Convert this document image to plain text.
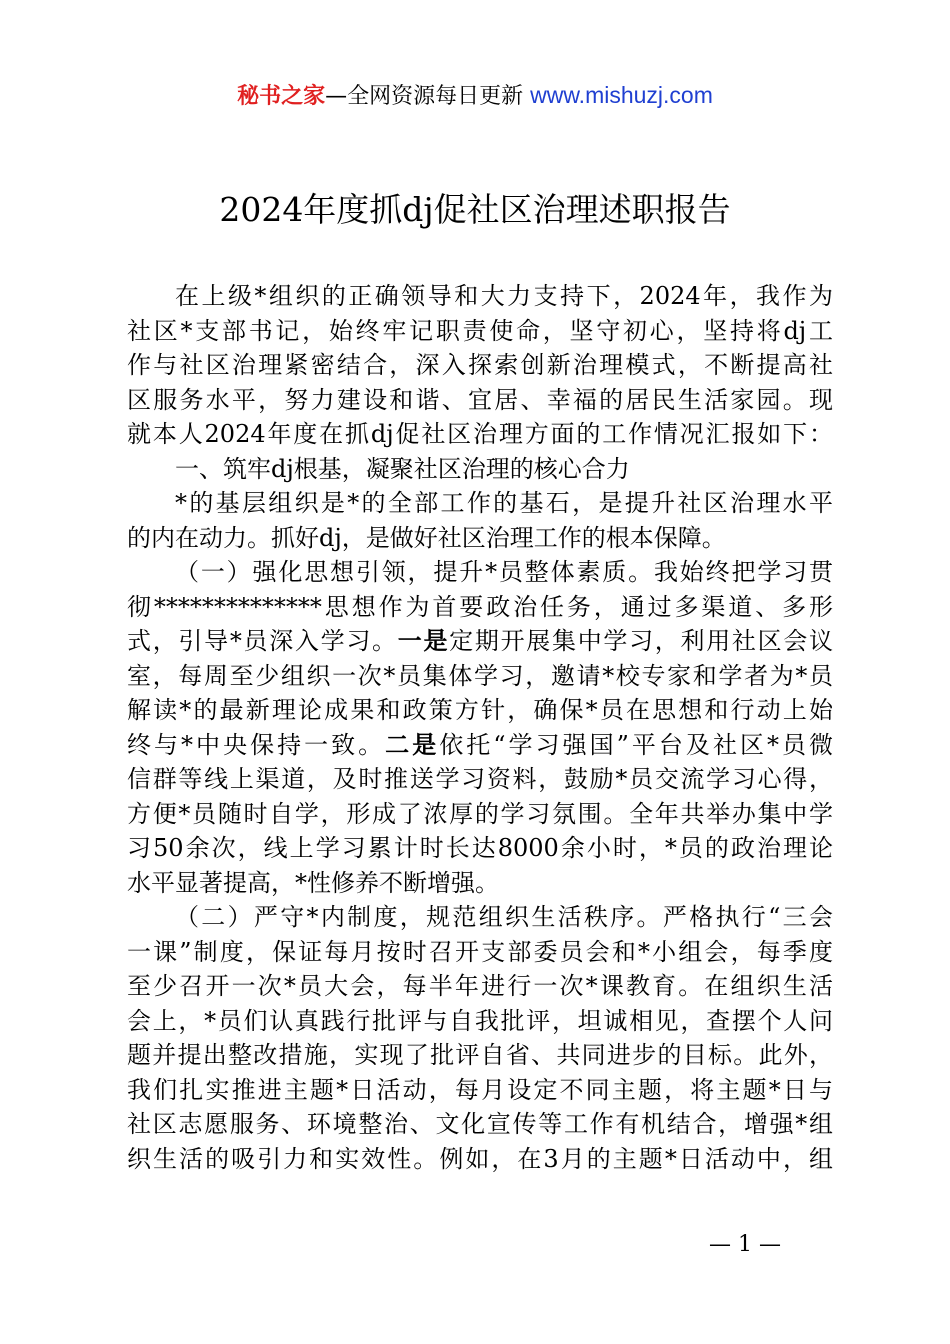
秘书之家—全网资源每日更新 www.mishuzj.com
2024年度抓dj促社区治理述职报告
在上级*组织的正确领导和大力支持下，2024年，我作为
社区*支部书记，始终牢记职责使命，坚守初心，坚持将dj工
作与社区治理紧密结合，深入探索创新治理模式，不断提高社
区服务水平，努力建设和谐、宜居、幸福的居民生活家园。现
就本人2024年度在抓dj促社区治理方面的工作情况汇报如下：
一、筑牢dj根基，凝聚社区治理的核心合力
*的基层组织是*的全部工作的基石，是提升社区治理水平
的内在动力。抓好dj，是做好社区治理工作的根本保障。
（一）强化思想引领，提升*员整体素质。我始终把学习贯
彻**************思想作为首要政治任务，通过多渠道、多形
式，引导*员深入学习。一是定期开展集中学习，利用社区会议
室，每周至少组织一次*员集体学习，邀请*校专家和学者为*员
解读*的最新理论成果和政策方针，确保*员在思想和行动上始
终与*中央保持一致。二是依托“学习强国”平台及社区*员微
信群等线上渠道，及时推送学习资料，鼓励*员交流学习心得，
方便*员随时自学，形成了浓厚的学习氛围。全年共举办集中学
习50余次，线上学习累计时长达8000余小时，*员的政治理论
水平显著提高，*性修养不断增强。
（二）严守*内制度，规范组织生活秩序。严格执行“三会
一课”制度，保证每月按时召开支部委员会和*小组会，每季度
至少召开一次*员大会，每半年进行一次*课教育。在组织生活
会上，*员们认真践行批评与自我批评，坦诚相见，查摆个人问
题并提出整改措施，实现了批评自省、共同进步的目标。此外，
我们扎实推进主题*日活动，每月设定不同主题，将主题*日与
社区志愿服务、环境整治、文化宣传等工作有机结合，增强*组
织生活的吸引力和实效性。例如，在3月的主题*日活动中，组
— 1 —
